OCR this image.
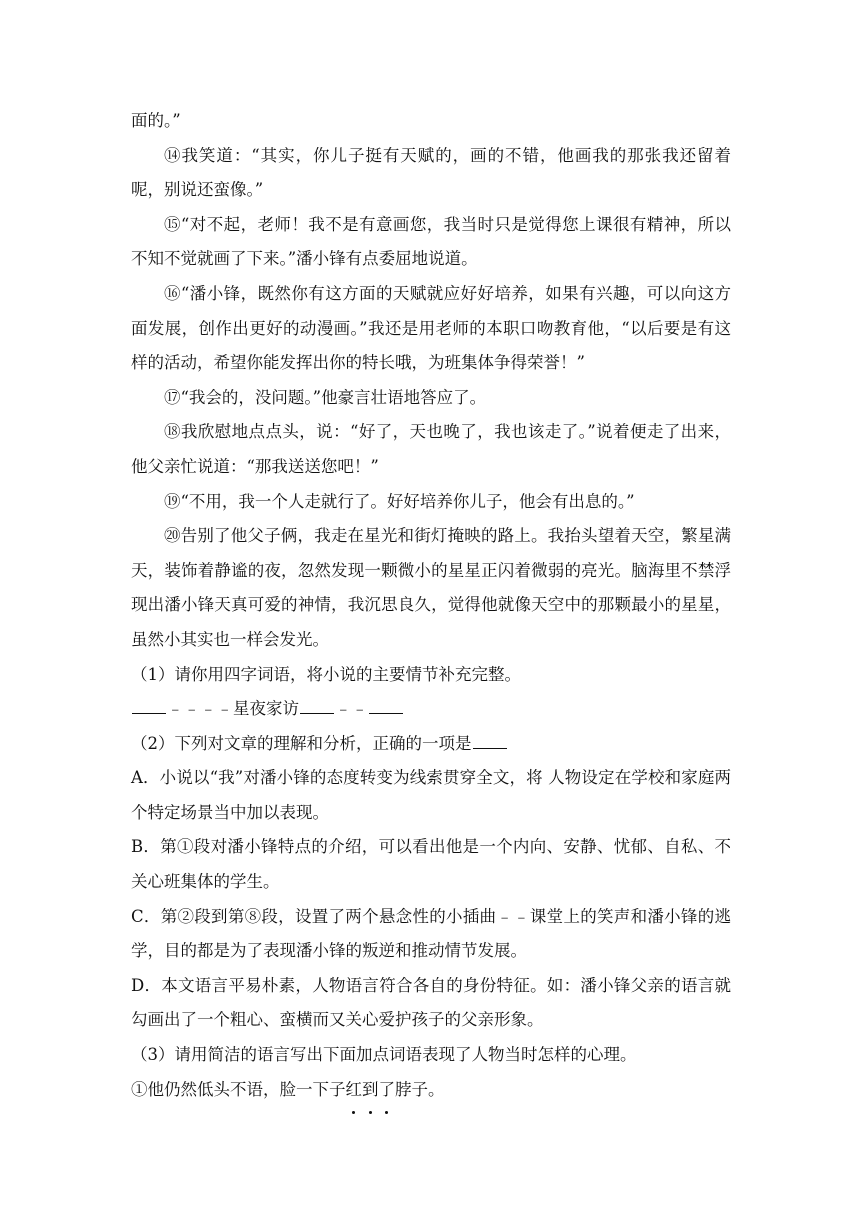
面的。”

⑭我笑道：“其实，你儿子挺有天赋的，画的不错，他画我的那张我还留着呢，别说还蛮像。”

⑮“对不起，老师！我不是有意画您，我当时只是觉得您上课很有精神，所以不知不觉就画了下来。”潘小锋有点委屈地说道。

⑯“潘小锋，既然你有这方面的天赋就应好好培养，如果有兴趣，可以向这方面发展，创作出更好的动漫画。”我还是用老师的本职口吻教育他，“以后要是有这样的活动，希望你能发挥出你的特长哦，为班集体争得荣誉！”

⑰“我会的，没问题。”他豪言壮语地答应了。

⑱我欣慰地点点头，说：“好了，天也晚了，我也该走了。”说着便走了出来，他父亲忙说道：“那我送送您吧！”

⑲“不用，我一个人走就行了。好好培养你儿子，他会有出息的。”

⑳告别了他父子俩，我走在星光和街灯掩映的路上。我抬头望着天空，繁星满天，装饰着静谧的夜，忽然发现一颗微小的星星正闪着微弱的亮光。脑海里不禁浮现出潘小锋天真可爱的神情，我沉思良久，觉得他就像天空中的那颗最小的星星，虽然小其实也一样会发光。

（1）请你用四字词语，将小说的主要情节补充完整。

﹣﹣﹣﹣星夜家访 ﹣﹣

（2）下列对文章的理解和分析，正确的一项是

A．小说以“我”对潘小锋的态度转变为线索贯穿全文，将 人物设定在学校和家庭两个特定场景当中加以表现。

B．第①段对潘小锋特点的介绍，可以看出他是一个内向、安静、忧郁、自私、不关心班集体的学生。

C．第②段到第⑧段，设置了两个悬念性的小插曲﹣﹣课堂上的笑声和潘小锋的逃学，目的都是为了表现潘小锋的叛逆和推动情节发展。

D．本文语言平易朴素，人物语言符合各自的身份特征。如：潘小锋父亲的语言就勾画出了一个粗心、蛮横而又关心爱护孩子的父亲形象。

（3）请用简洁的语言写出下面加点词语表现了人物当时怎样的心理。

①他仍然低头不语，脸一下子红到了脖子。
